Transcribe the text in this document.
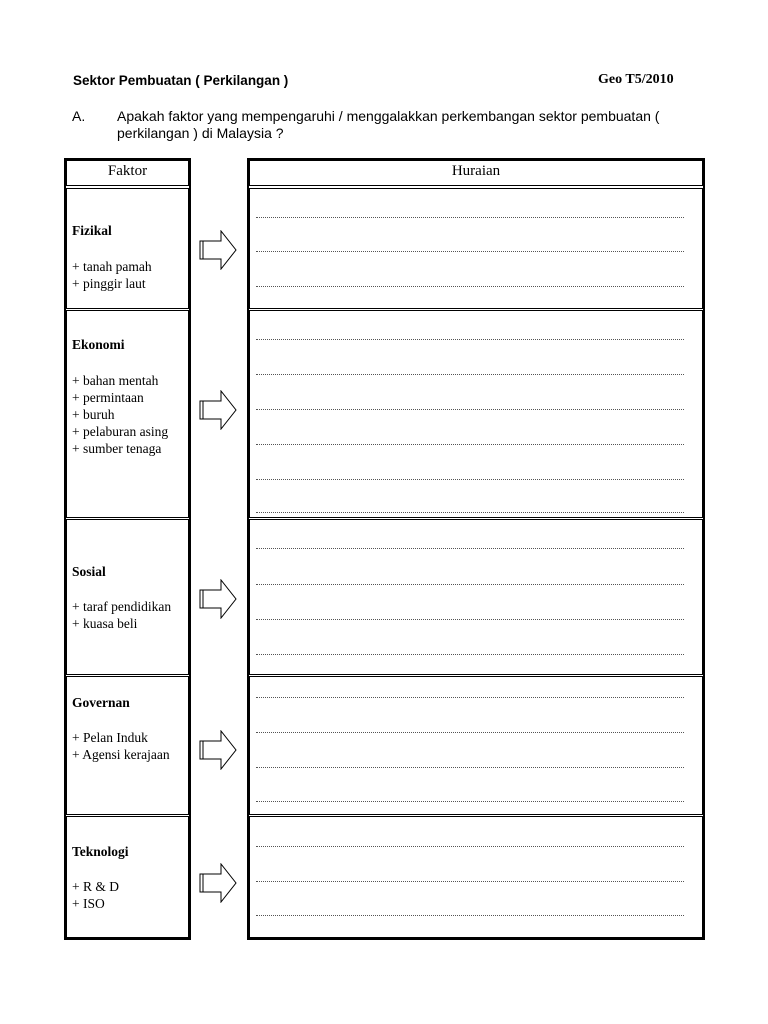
Sektor Pembuatan ( Perkilangan )	Geo T5/2010
A. Apakah faktor yang mempengaruhi / menggalakkan perkembangan sektor pembuatan ( perkilangan ) di Malaysia ?
Faktor	Huraian
Fizikal
+ tanah pamah
+ pinggir laut
Ekonomi
+ bahan mentah
+ permintaan
+ buruh
+ pelaburan asing
+ sumber tenaga
Sosial
+ taraf pendidikan
+ kuasa beli
Governan
+ Pelan Induk
+ Agensi kerajaan
Teknologi
+ R & D
+ ISO
